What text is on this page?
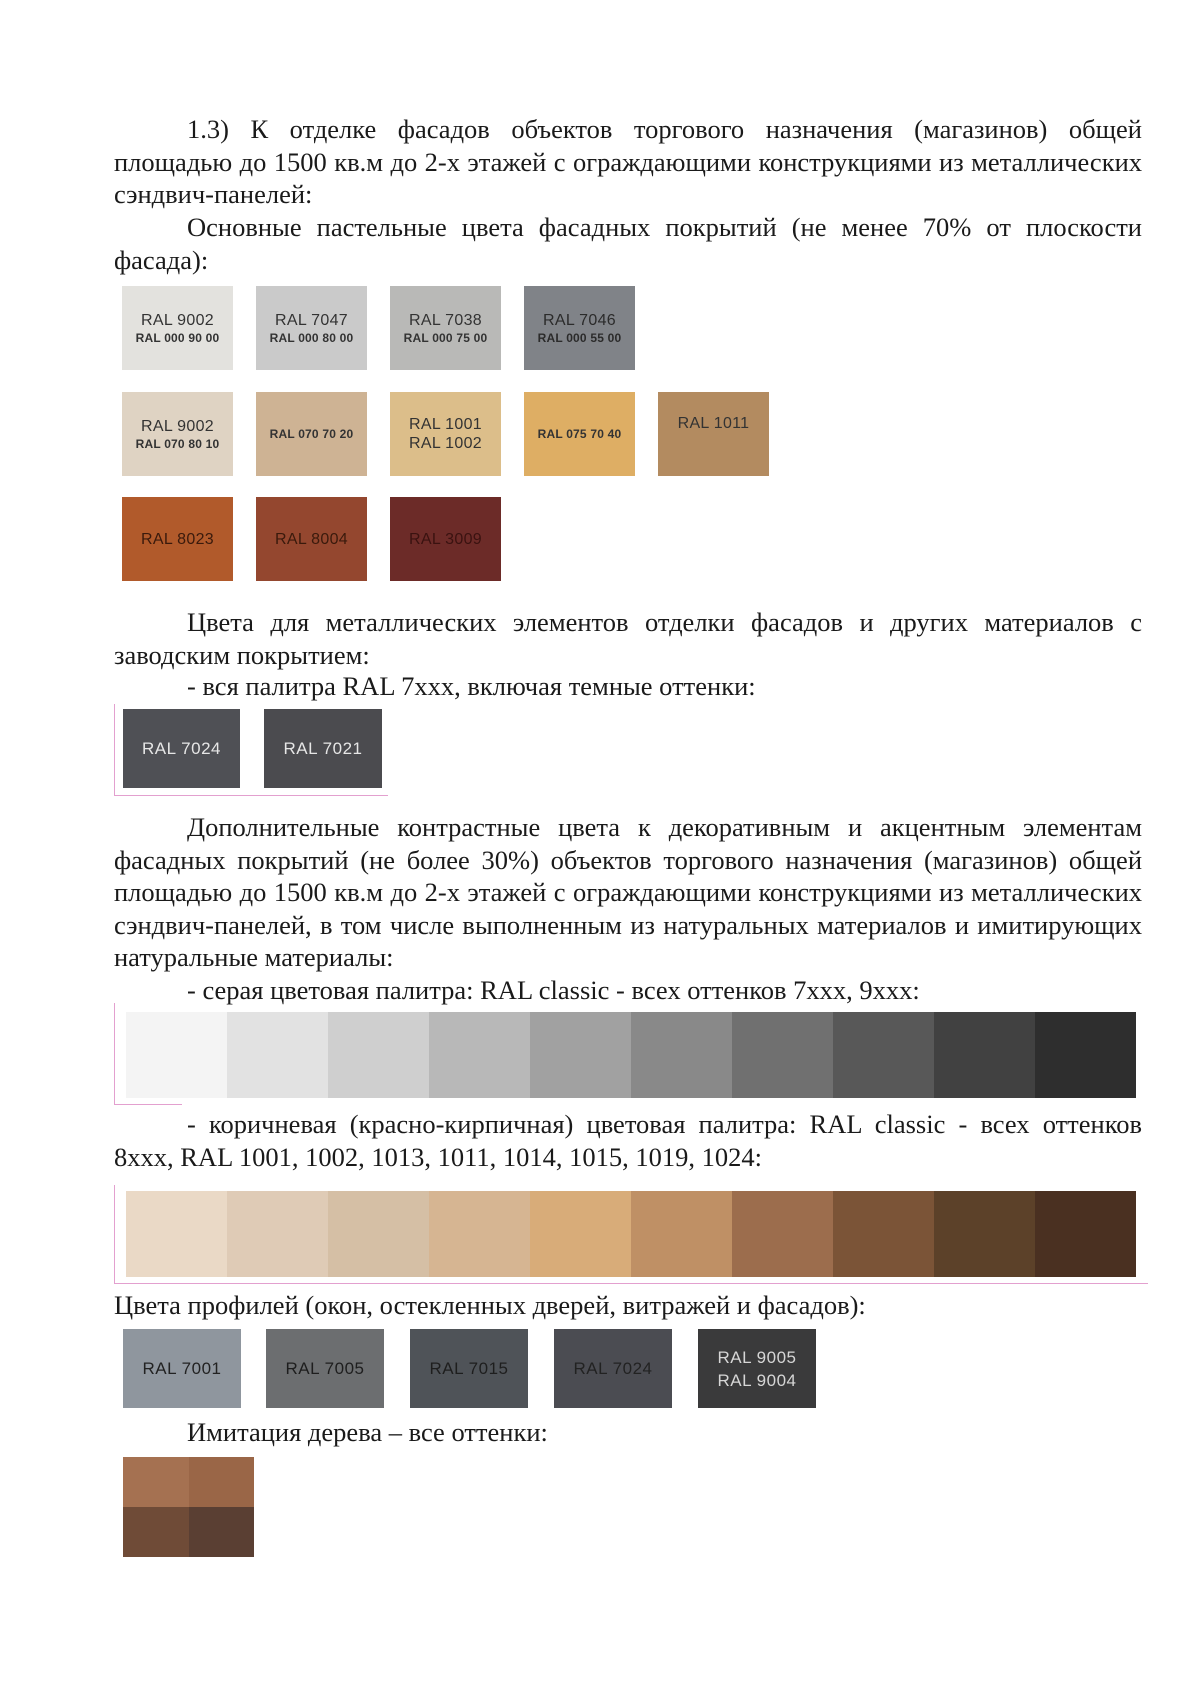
1.3) К отделке фасадов объектов торгового назначения (магазинов) общей площадью до 1500 кв.м до 2-х этажей с ограждающими конструкциями из металлических сэндвич-панелей:

Основные пастельные цвета фасадных покрытий (не менее 70% от плоскости фасада):

RAL 9002
RAL 000 90 00
RAL 7047
RAL 000 80 00
RAL 7038
RAL 000 75 00
RAL 7046
RAL 000 55 00
RAL 9002
RAL 070 80 10
RAL 070 70 20
RAL 1001
RAL 1002
RAL 075 70 40
RAL 1011
RAL 8023	RAL 8004	RAL 3009

Цвета для металлических элементов отделки фасадов и других материалов с заводским покрытием:

- вся палитра RAL 7xxx, включая темные оттенки:

RAL 7024	RAL 7021

Дополнительные контрастные цвета к декоративным и акцентным элементам фасадных покрытий (не более 30%) объектов торгового назначения (магазинов) общей площадью до 1500 кв.м до 2-х этажей с ограждающими конструкциями из металлических сэндвич-панелей, в том числе выполненным из натуральных материалов и имитирующих натуральные материалы:

- серая цветовая палитра: RAL classic - всех оттенков 7xxx, 9xxx:

- коричневая (красно-кирпичная) цветовая палитра: RAL classic - всех оттенков 8xxx, RAL 1001, 1002, 1013, 1011, 1014, 1015, 1019, 1024:

Цвета профилей (окон, остекленных дверей, витражей и фасадов):

RAL 7001	RAL 7005	RAL 7015	RAL 7024
RAL 9005
RAL 9004

Имитация дерева – все оттенки:
